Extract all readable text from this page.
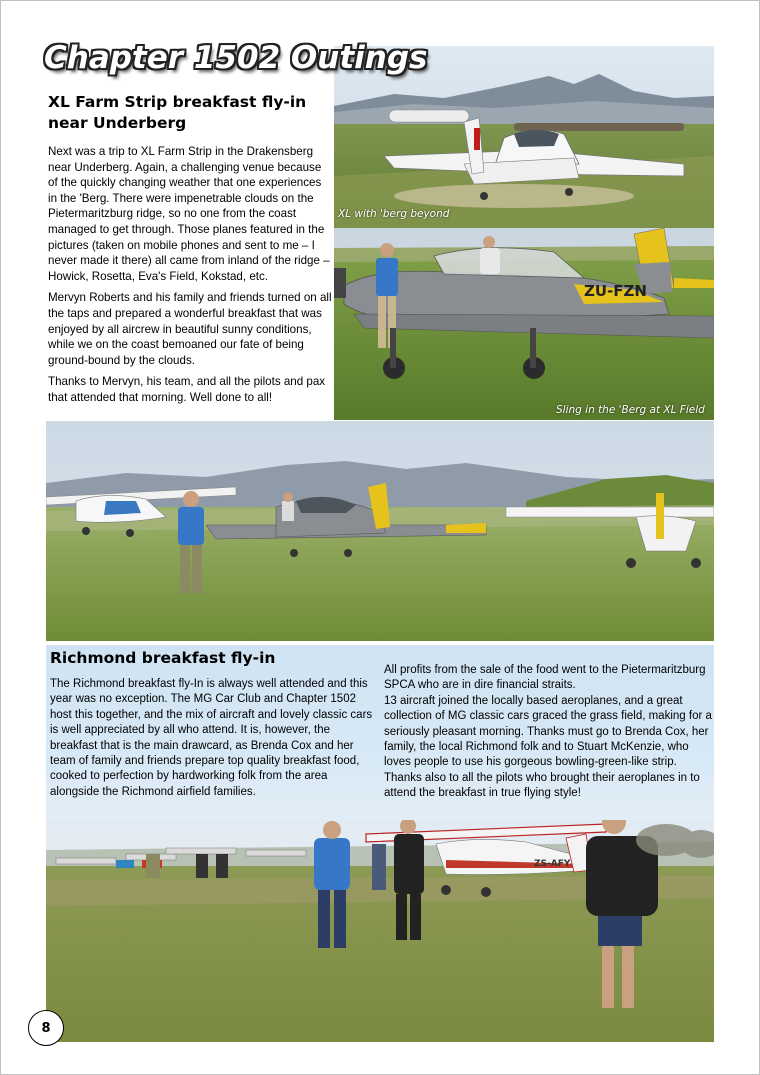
Chapter 1502 Outings
XL with 'berg beyond
ZU-FZN
Sling in the 'Berg at XL Field
XL Farm Strip breakfast fly-in near Underberg

Next was a trip to XL Farm Strip in the Drakensberg near Underberg. Again, a challenging venue because of the quickly changing weather that one experiences in the 'Berg. There were impenetrable clouds on the Pietermaritzburg ridge, so no one from the coast managed to get through. Those planes featured in the pictures (taken on mobile phones and sent to me – I never made it there) all came from inland of the ridge – Howick, Rosetta, Eva's Field, Kokstad, etc.

Mervyn Roberts and his family and friends turned on all the taps and prepared a wonderful breakfast that was enjoyed by all aircrew in beautiful sunny conditions, while we on the coast bemoaned our fate of being ground-bound by the clouds.

Thanks to Mervyn, his team, and all the pilots and pax that attended that morning. Well done to all!

Richmond breakfast fly-in

The Richmond breakfast fly-In is always well attended and this year was no exception. The MG Car Club and Chapter 1502 host this together, and the mix of aircraft and lovely classic cars is well appreciated by all who attend. It is, however, the breakfast that is the main drawcard, as Brenda Cox and her team of family and friends prepare top quality breakfast food, cooked to perfection by hardworking folk from the area alongside the Richmond airfield families.

All profits from the sale of the food went to the Pietermaritzburg SPCA who are in dire financial straits.

13 aircraft joined the locally based aeroplanes, and a great collection of MG classic cars graced the grass field, making for a seriously pleasant morning. Thanks must go to Brenda Cox, her family, the local Richmond folk and to Stuart McKenzie, who loves people to use his gorgeous bowling-green-like strip. Thanks also to all the pilots who brought their aeroplanes in to attend the breakfast in true flying style!

ZS-AFY
8
